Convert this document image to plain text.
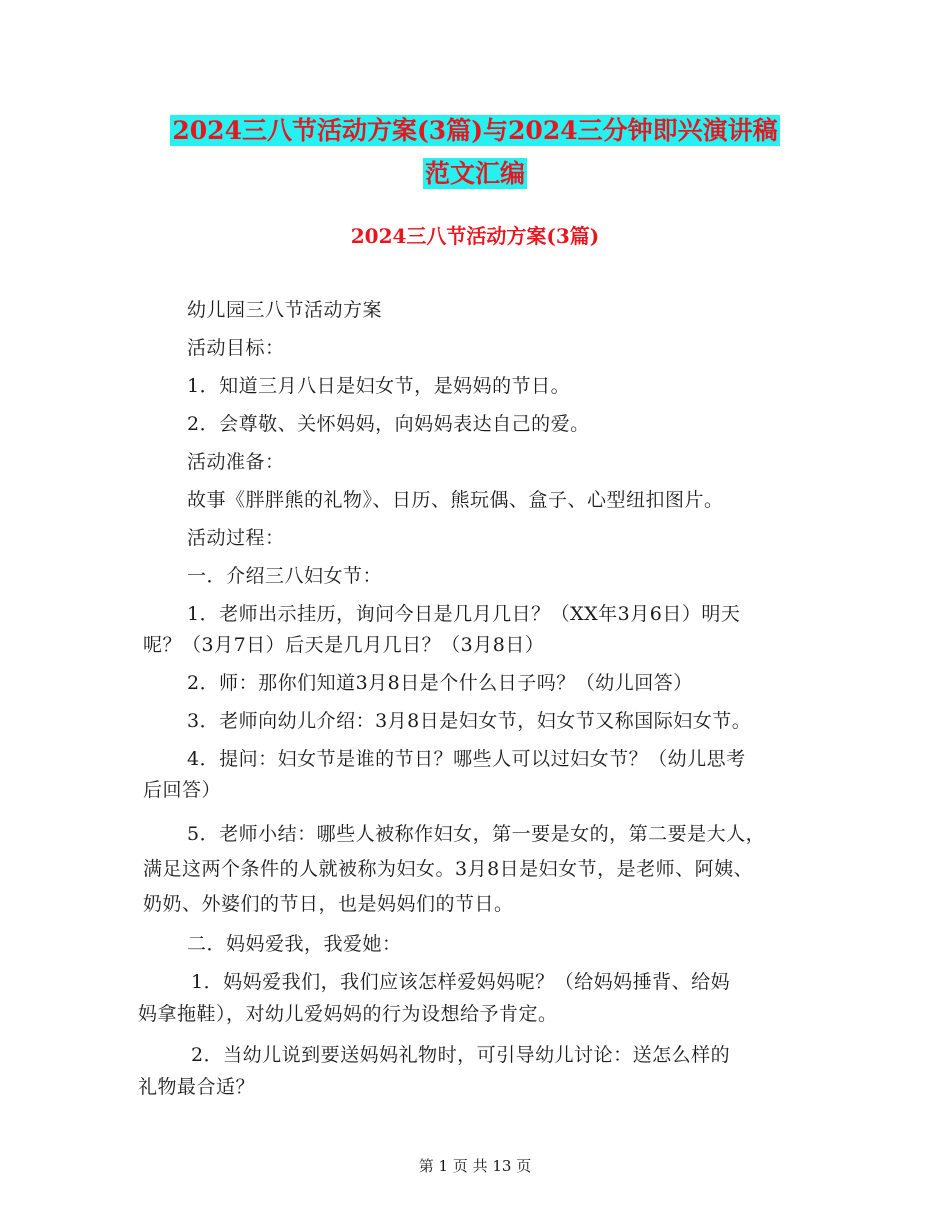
2024三八节活动方案(3篇)与2024三分钟即兴演讲稿
范文汇编
2024三八节活动方案(3篇)
幼儿园三八节活动方案
活动目标：
1．知道三月八日是妇女节，是妈妈的节日。
2．会尊敬、关怀妈妈，向妈妈表达自己的爱。
活动准备：
故事《胖胖熊的礼物》、日历、熊玩偶、盒子、心型纽扣图片。
活动过程：
一．介绍三八妇女节：
1．老师出示挂历，询问今日是几月几日？（XX年3月6日）明天
呢？（3月7日）后天是几月几日？（3月8日）
2．师：那你们知道3月8日是个什么日子吗？（幼儿回答）
3．老师向幼儿介绍：3月8日是妇女节，妇女节又称国际妇女节。
4．提问：妇女节是谁的节日？哪些人可以过妇女节？（幼儿思考
后回答）
5．老师小结：哪些人被称作妇女，第一要是女的，第二要是大人，
满足这两个条件的人就被称为妇女。3月8日是妇女节，是老师、阿姨、
奶奶、外婆们的节日，也是妈妈们的节日。
二．妈妈爱我，我爱她：
1．妈妈爱我们，我们应该怎样爱妈妈呢？（给妈妈捶背、给妈
妈拿拖鞋），对幼儿爱妈妈的行为设想给予肯定。
2．当幼儿说到要送妈妈礼物时，可引导幼儿讨论：送怎么样的
礼物最合适？
第 1 页 共 13 页
